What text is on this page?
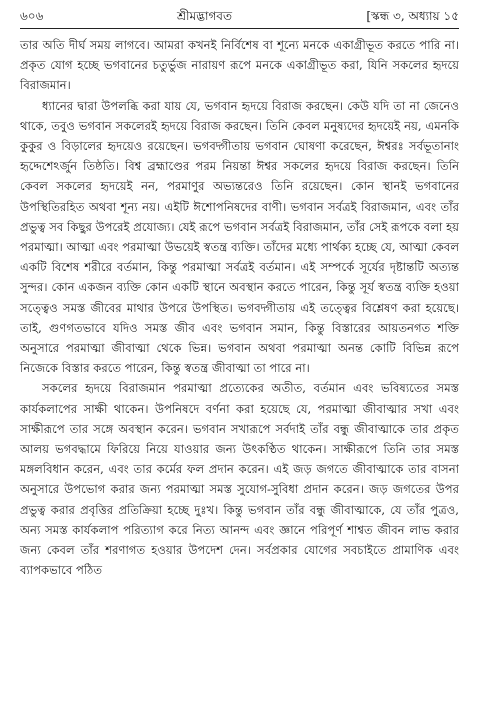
৬০৬	শ্রীমদ্ভাগবত	[স্কন্ধ ৩, অধ্যায় ১৫

তার অতি দীর্ঘ সময় লাগবে। আমরা কখনই নির্বিশেষ বা শূন্যে মনকে একাগ্রীভূত করতে পারি না। প্রকৃত যোগ হচ্ছে ভগবানের চতুর্ভুজ নারায়ণ রূপে মনকে একাগ্রীভূত করা, যিনি সকলের হৃদয়ে বিরাজমান।

ধ্যানের দ্বারা উপলব্ধি করা যায় যে, ভগবান হৃদয়ে বিরাজ করছেন। কেউ যদি তা না জেনেও থাকে, তবুও ভগবান সকলেরই হৃদয়ে বিরাজ করছেন। তিনি কেবল মনুষ্যদের হৃদয়েই নয়, এমনকি কুকুর ও বিড়ালের হৃদয়েও রয়েছেন। ভগবদ্গীতায় ভগবান ঘোষণা করেছেন, ঈশ্বরঃ সর্বভূতানাং হৃদ্দেশেঽর্জুন তিষ্ঠতি। বিশ্ব ব্রহ্মাণ্ডের পরম নিয়ন্তা ঈশ্বর সকলের হৃদয়ে বিরাজ করছেন। তিনি কেবল সকলের হৃদয়েই নন, পরমাণুর অভ্যন্তরেও তিনি রয়েছেন। কোন স্থানই ভগবানের উপস্থিতিরহিত অথবা শূন্য নয়। এইটি ঈশোপনিষদের বাণী। ভগবান সর্বত্রই বিরাজমান, এবং তাঁর প্রভুত্ব সব কিছুর উপরেই প্রযোজ্য। যেই রূপে ভগবান সর্বত্রই বিরাজমান, তাঁর সেই রূপকে বলা হয় পরমাত্মা। আত্মা এবং পরমাত্মা উভয়েই স্বতন্ত্র ব্যক্তি। তাঁদের মধ্যে পার্থক্য হচ্ছে যে, আত্মা কেবল একটি বিশেষ শরীরে বর্তমান, কিন্তু পরমাত্মা সর্বত্রই বর্তমান। এই সম্পর্কে সূর্যের দৃষ্টান্তটি অত্যন্ত সুন্দর। কোন একজন ব্যক্তি কোন একটি স্থানে অবস্থান করতে পারেন, কিন্তু সূর্য স্বতন্ত্র ব্যক্তি হওয়া সত্ত্বেও সমস্ত জীবের মাথার উপরে উপস্থিত। ভগবদ্গীতায় এই তত্ত্বের বিশ্লেষণ করা হয়েছে। তাই, গুণগতভাবে যদিও সমস্ত জীব এবং ভগবান সমান, কিন্তু বিস্তারের আয়তনগত শক্তি অনুসারে পরমাত্মা জীবাত্মা থেকে ভিন্ন। ভগবান অথবা পরমাত্মা অনন্ত কোটি বিভিন্ন রূপে নিজেকে বিস্তার করতে পারেন, কিন্তু স্বতন্ত্র জীবাত্মা তা পারে না।

সকলের হৃদয়ে বিরাজমান পরমাত্মা প্রত্যেকের অতীত, বর্তমান এবং ভবিষ্যতের সমস্ত কার্যকলাপের সাক্ষী থাকেন। উপনিষদে বর্ণনা করা হয়েছে যে, পরমাত্মা জীবাত্মার সখা এবং সাক্ষীরূপে তার সঙ্গে অবস্থান করেন। ভগবান সখারূপে সর্বদাই তাঁর বন্ধু জীবাত্মাকে তার প্রকৃত আলয় ভগবদ্ধামে ফিরিয়ে নিয়ে যাওয়ার জন্য উৎকণ্ঠিত থাকেন। সাক্ষীরূপে তিনি তার সমস্ত মঙ্গলবিধান করেন, এবং তার কর্মের ফল প্রদান করেন। এই জড় জগতে জীবাত্মাকে তার বাসনা অনুসারে উপভোগ করার জন্য পরমাত্মা সমস্ত সুযোগ-সুবিধা প্রদান করেন। জড় জগতের উপর প্রভুত্ব করার প্রবৃত্তির প্রতিক্রিয়া হচ্ছে দুঃখ। কিন্তু ভগবান তাঁর বন্ধু জীবাত্মাকে, যে তাঁর পুত্রও, অন্য সমস্ত কার্যকলাপ পরিত্যাগ করে নিত্য আনন্দ এবং জ্ঞানে পরিপূর্ণ শাশ্বত জীবন লাভ করার জন্য কেবল তাঁর শরণাগত হওয়ার উপদেশ দেন। সর্বপ্রকার যোগের সবচাইতে প্রামাণিক এবং ব্যাপকভাবে পঠিত
